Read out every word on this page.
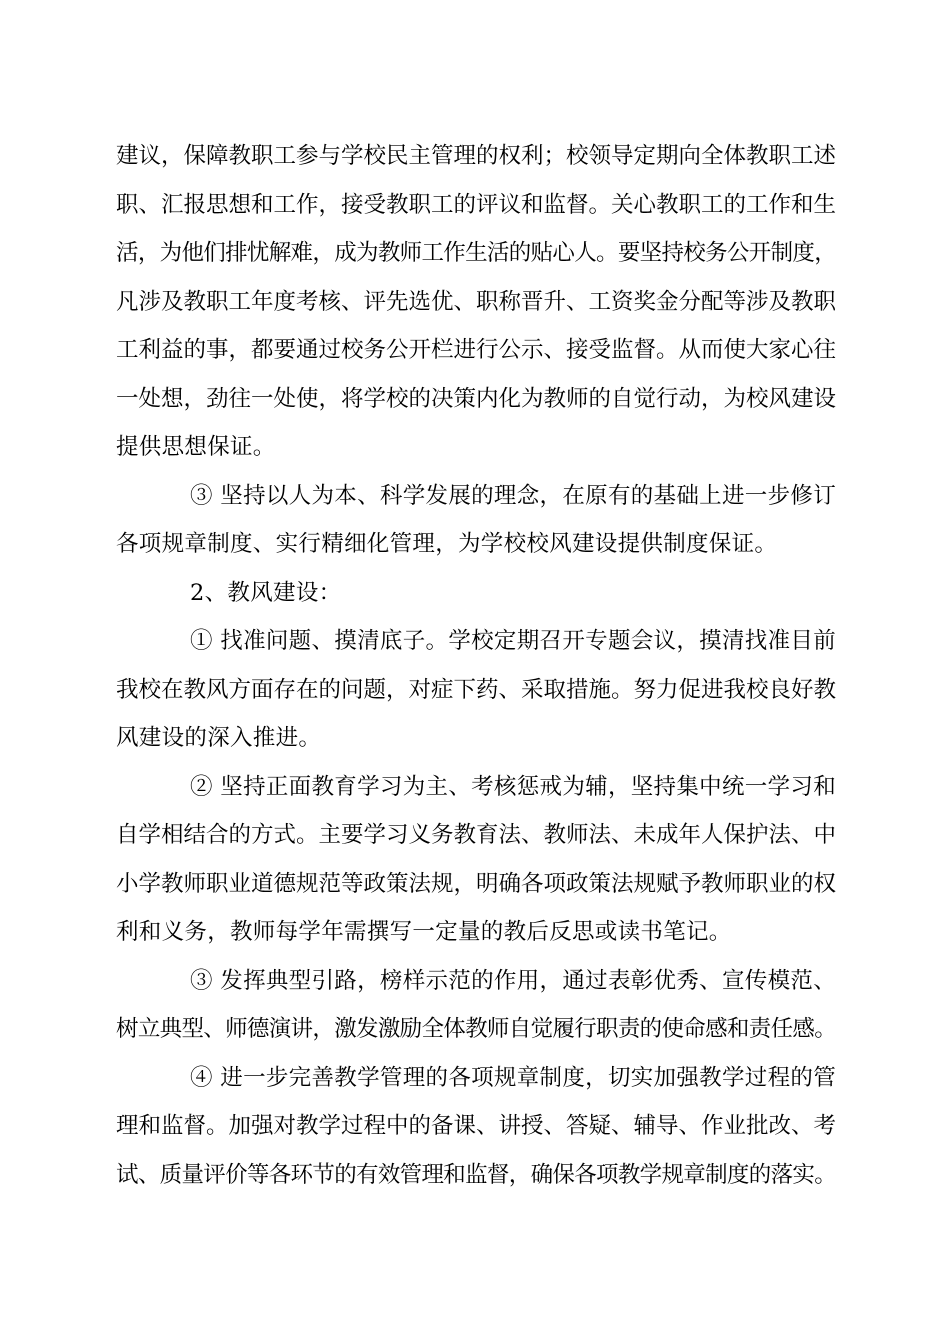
建议，保障教职工参与学校民主管理的权利；校领导定期向全体教职工述
职、汇报思想和工作，接受教职工的评议和监督。关心教职工的工作和生
活，为他们排忧解难，成为教师工作生活的贴心人。要坚持校务公开制度，
凡涉及教职工年度考核、评先选优、职称晋升、工资奖金分配等涉及教职
工利益的事，都要通过校务公开栏进行公示、接受监督。从而使大家心往
一处想，劲往一处使，将学校的决策内化为教师的自觉行动，为校风建设
提供思想保证。
③ 坚持以人为本、科学发展的理念，在原有的基础上进一步修订
各项规章制度、实行精细化管理，为学校校风建设提供制度保证。
2、教风建设：
① 找准问题、摸清底子。学校定期召开专题会议，摸清找准目前
我校在教风方面存在的问题，对症下药、采取措施。努力促进我校良好教
风建设的深入推进。
② 坚持正面教育学习为主、考核惩戒为辅，坚持集中统一学习和
自学相结合的方式。主要学习义务教育法、教师法、未成年人保护法、中
小学教师职业道德规范等政策法规，明确各项政策法规赋予教师职业的权
利和义务，教师每学年需撰写一定量的教后反思或读书笔记。
③ 发挥典型引路，榜样示范的作用，通过表彰优秀、宣传模范、
树立典型、师德演讲，激发激励全体教师自觉履行职责的使命感和责任感。
④ 进一步完善教学管理的各项规章制度，切实加强教学过程的管
理和监督。加强对教学过程中的备课、讲授、答疑、辅导、作业批改、考
试、质量评价等各环节的有效管理和监督，确保各项教学规章制度的落实。
